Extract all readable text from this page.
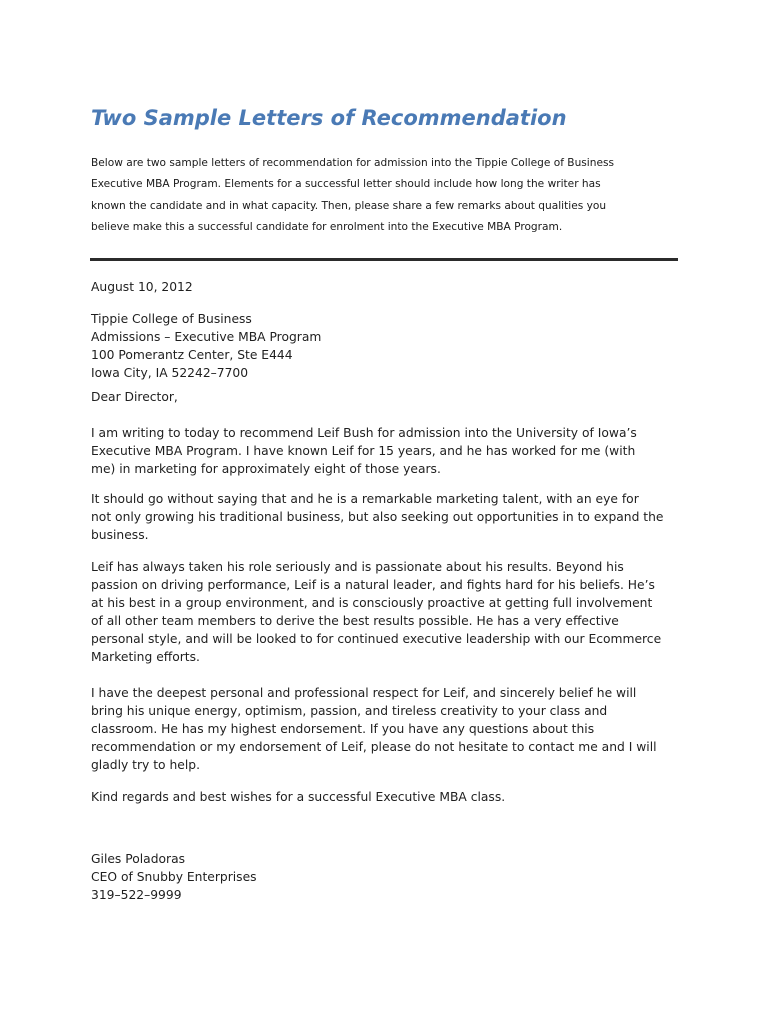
Two Sample Letters of Recommendation
Below are two sample letters of recommendation for admission into the Tippie College of Business
Executive MBA Program. Elements for a successful letter should include how long the writer has
known the candidate and in what capacity. Then, please share a few remarks about qualities you
believe make this a successful candidate for enrolment into the Executive MBA Program.
August 10, 2012
Tippie College of Business
Admissions – Executive MBA Program
100 Pomerantz Center, Ste E444
Iowa City, IA 52242–7700
Dear Director,
I am writing to today to recommend Leif Bush for admission into the University of Iowa’s
Executive MBA Program. I have known Leif for 15 years, and he has worked for me (with
me) in marketing for approximately eight of those years.
It should go without saying that and he is a remarkable marketing talent, with an eye for
not only growing his traditional business, but also seeking out opportunities in to expand the
business.
Leif has always taken his role seriously and is passionate about his results. Beyond his
passion on driving performance, Leif is a natural leader, and fights hard for his beliefs. He’s
at his best in a group environment, and is consciously proactive at getting full involvement
of all other team members to derive the best results possible. He has a very effective
personal style, and will be looked to for continued executive leadership with our Ecommerce
Marketing efforts.
I have the deepest personal and professional respect for Leif, and sincerely belief he will
bring his unique energy, optimism, passion, and tireless creativity to your class and
classroom. He has my highest endorsement. If you have any questions about this
recommendation or my endorsement of Leif, please do not hesitate to contact me and I will
gladly try to help.
Kind regards and best wishes for a successful Executive MBA class.
Giles Poladoras
CEO of Snubby Enterprises
319–522–9999
